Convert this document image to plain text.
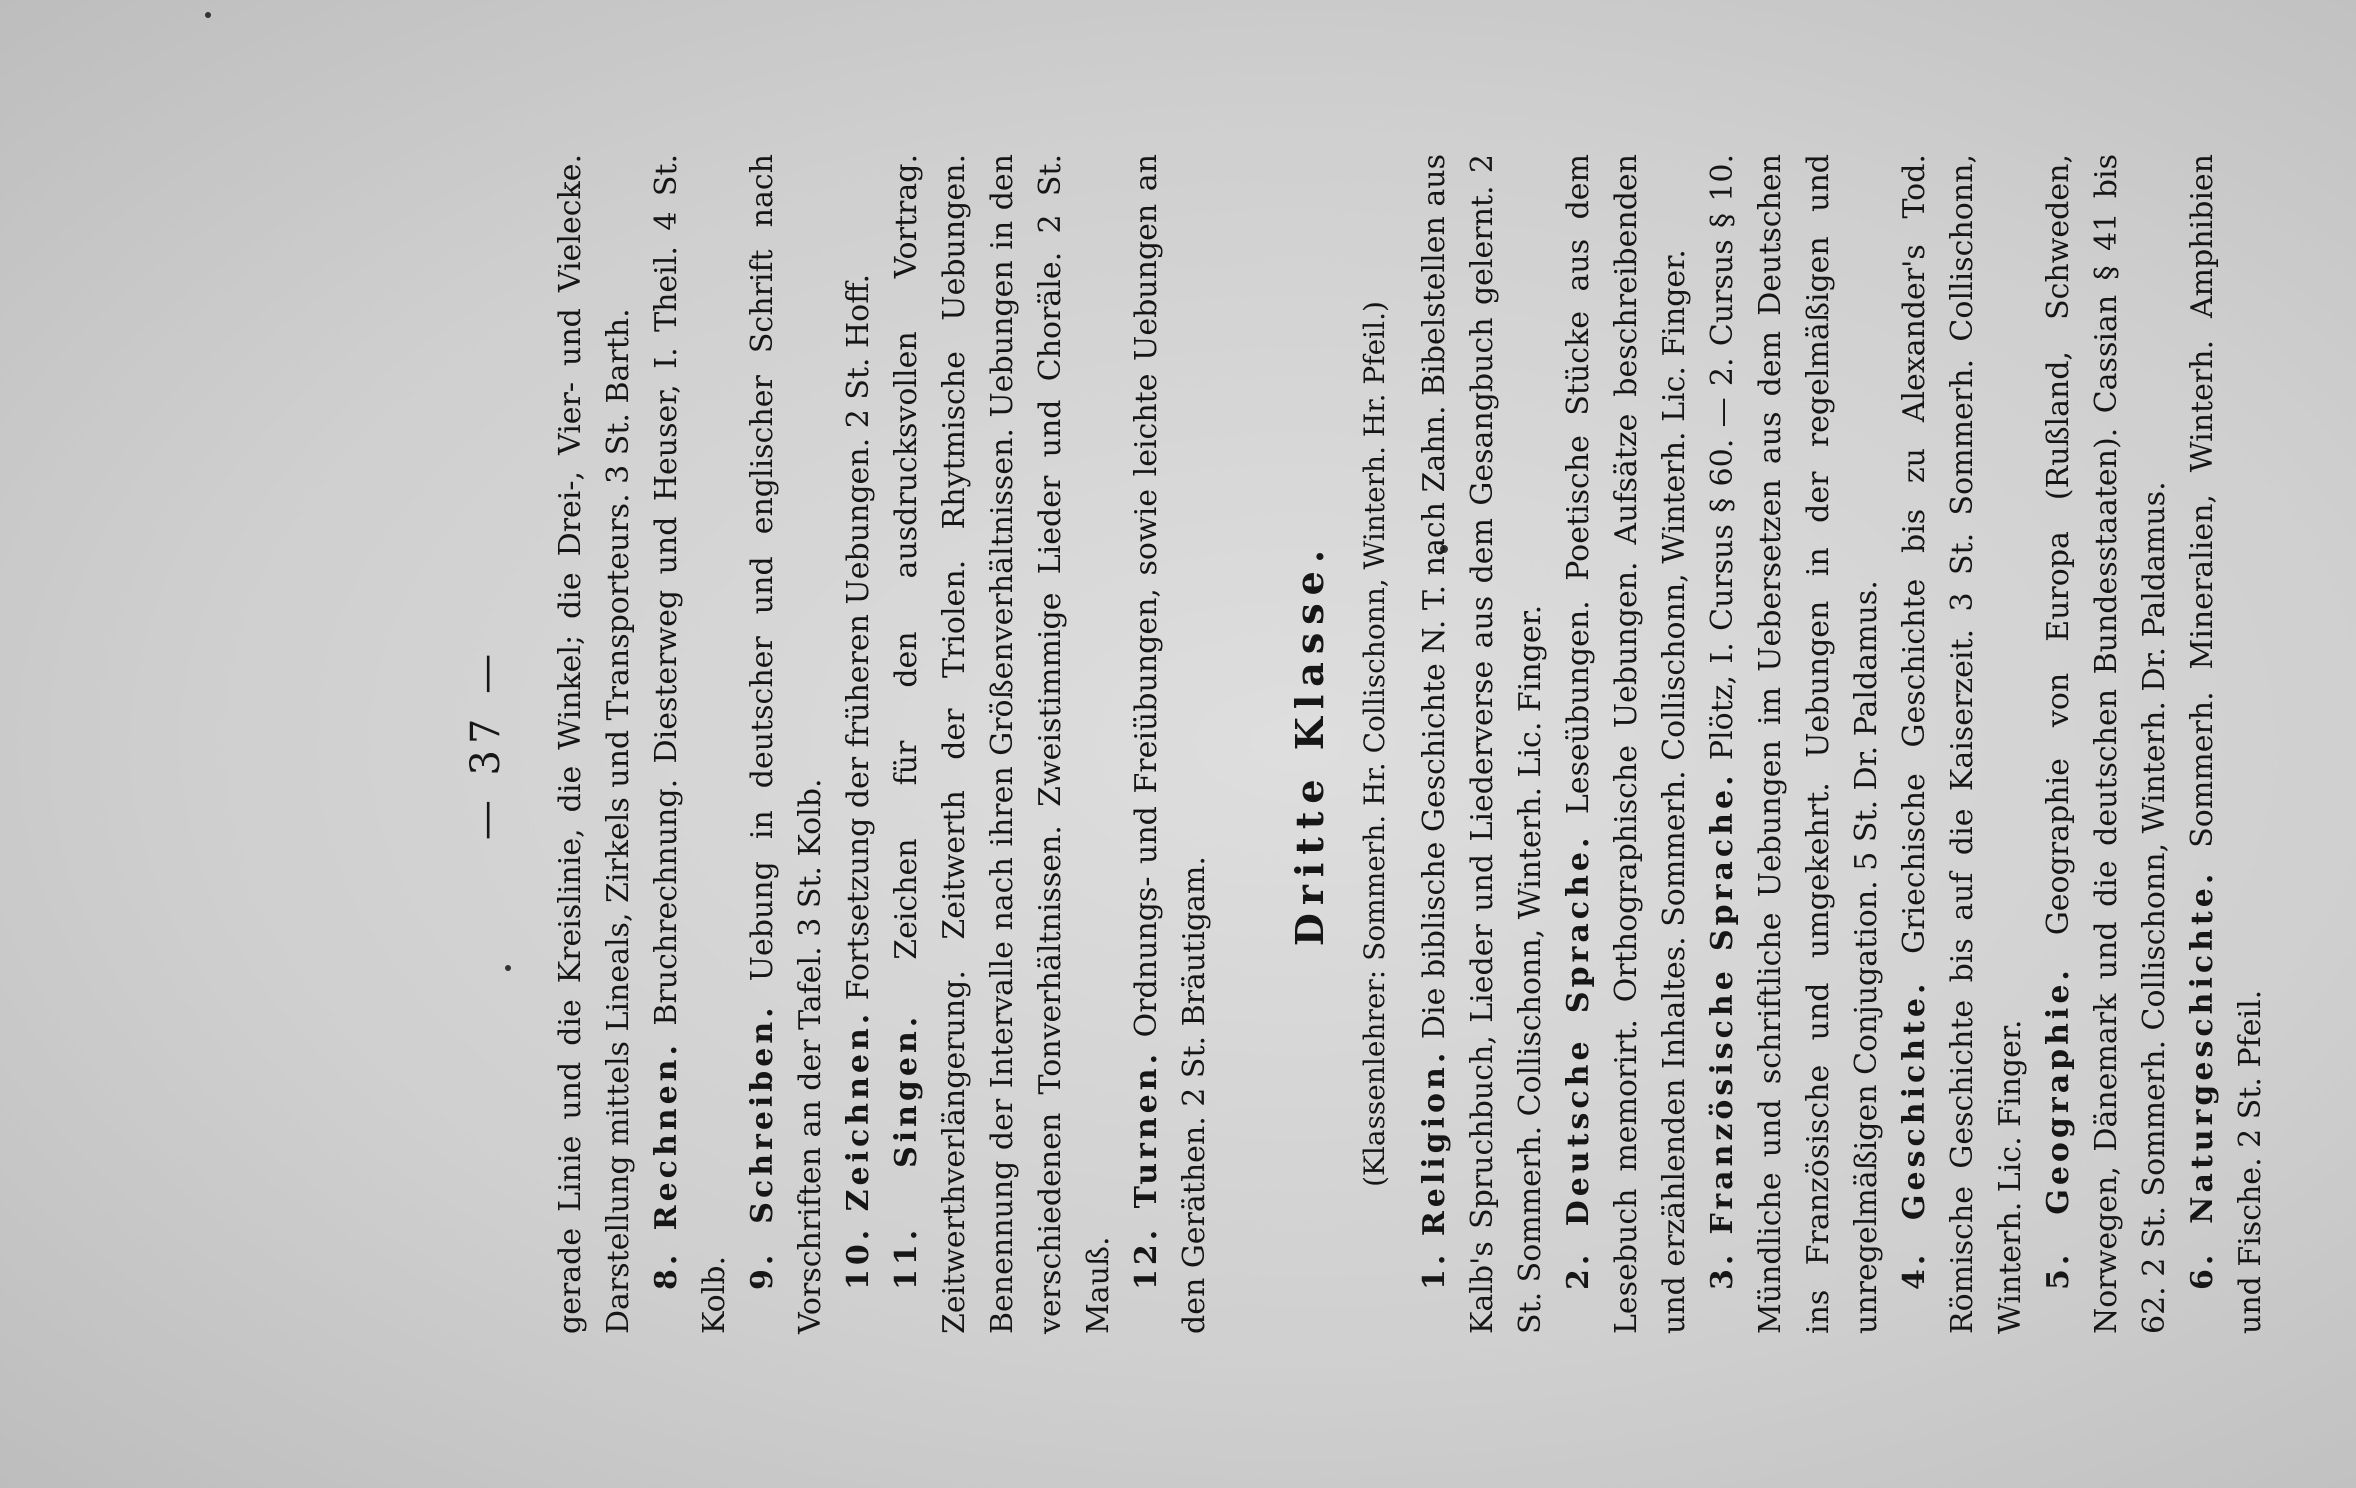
— 37 — gerade Linie und die Kreislinie, die Winkel; die Drei-, Vier- und Vielecke. Darstellung mittels Lineals, Zirkels und Transporteurs. 3 St. Barth. 8. Rechnen. Bruchrechnung. Diesterweg und Heuser, I. Theil. 4 St. Kolb.

9. Schreiben. Uebung in deutscher und englischer Schrift nach Vorschriften an der Tafel. 3 St. Kolb. 10. Zeichnen. Fortsetzung der früheren Uebungen. 2 St. Hoff.

11. Singen. Zeichen für den ausdrucksvollen Vortrag. Zeitwerthverlängerung. Zeitwerth der Triolen. Rhytmische Uebungen. Benennung der Intervalle nach ihren Größenverhältnissen. Uebungen in den verschiedenen Tonverhältnissen. Zweistimmige Lieder und Choräle. 2 St. Mauß. 12. Turnen. Ordnungs- und Freiübungen, sowie leichte Uebungen an den Geräthen. 2 St. Bräutigam.

Dritte Klasse. (Klassenlehrer: Sommerh. Hr. Collischonn, Winterh. Hr. Pfeil.) 1. Religion. Die biblische Geschichte N. T. nach Zahn. Bibelstellen aus Kalb's Spruchbuch, Lieder und Liederverse aus dem Gesangbuch gelernt. 2 St. Sommerh. Collischonn, Winterh. Lic. Finger. 2. Deutsche Sprache. Leseübungen. Poetische Stücke aus dem Lesebuch memorirt. Orthographische Uebungen. Aufsätze beschreibenden und erzählenden Inhaltes. Sommerh. Collischonn, Winterh. Lic. Finger. 3. Französische Sprache. Plötz, I. Cursus § 60. — 2. Cursus § 10. Mündliche und schriftliche Uebungen im Uebersetzen aus dem Deutschen ins Französische und umgekehrt. Uebungen in der regelmäßigen und unregelmäßigen Conjugation. 5 St. Dr. Paldamus. 4. Geschichte. Griechische Geschichte bis zu Alexander's Tod. Römische Geschichte bis auf die Kaiserzeit. 3 St. Sommerh. Collischonn, Winterh. Lic. Finger. 5. Geographie. Geographie von Europa (Rußland, Schweden, Norwegen, Dänemark und die deutschen Bundesstaaten). Cassian § 41 bis 62. 2 St. Sommerh. Collischonn, Winterh. Dr. Paldamus. 6. Naturgeschichte. Sommerh. Mineralien, Winterh. Amphibien und Fische. 2 St. Pfeil.
